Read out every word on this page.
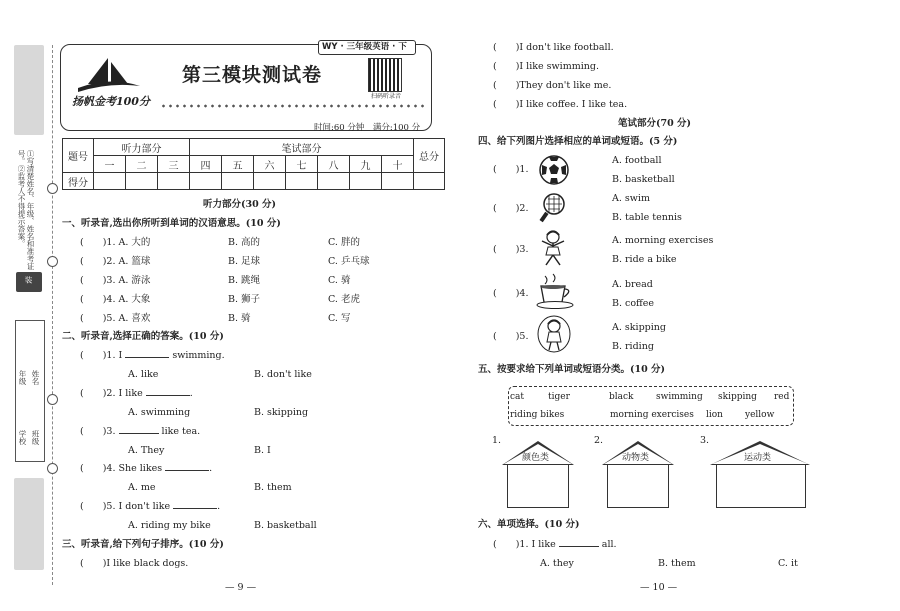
①写清楚姓名、年级、姓名和准考证号。②监考人不得提示答案。
装
学校 班级
年级 姓名
WY · 三年级英语 · 下
扬帆金考100分
第三模块测试卷
扫码听录音
时间:60 分钟　满分:100 分
题号	听力部分			笔试部分							总分
	一	二	三	四	五	六	七	八	九	十	
得分											
听力部分(30 分)
一、听录音,选出你所听到单词的汉语意思。(10 分)
(　　)1. A. 大的	B. 高的	C. 胖的
(　　)2. A. 篮球	B. 足球	C. 乒乓球
(　　)3. A. 游泳	B. 跳绳	C. 骑
(　　)4. A. 大象	B. 狮子	C. 老虎
(　　)5. A. 喜欢	B. 骑	C. 写
二、听录音,选择正确的答案。(10 分)
(　　)1. I	swimming.
A. like	B. don't like
(　　)2. I like	.
A. swimming	B. skipping
(　　)3.	like tea.
A. They	B. I
(　　)4. She likes	.
A. me	B. them
(　　)5. I don't like	.
A. riding my bike	B. basketball
三、听录音,给下列句子排序。(10 分)
(　　)I like black dogs.
— 9 —
(　　)I don't like football.
(　　)I like swimming.
(　　)They don't like me.
(　　)I like coffee. I like tea.
笔试部分(70 分)
四、给下列图片选择相应的单词或短语。(5 分)
(　　)1.
A. football
B. basketball
(　　)2.
A. swim
B. table tennis
(　　)3.
A. morning exercises
B. ride a bike
(　　)4.
A. bread
B. coffee
(　　)5.
A. skipping
B. riding
五、按要求给下列单词或短语分类。(10 分)
cat	tiger	black	swimming skipping red
riding bikes	morning exercises lion yellow
1.
颜色类
2.
动物类
3.
运动类
六、单项选择。(10 分)
(　　)1. I like	all.
A. they	B. them	C. it
— 10 —
